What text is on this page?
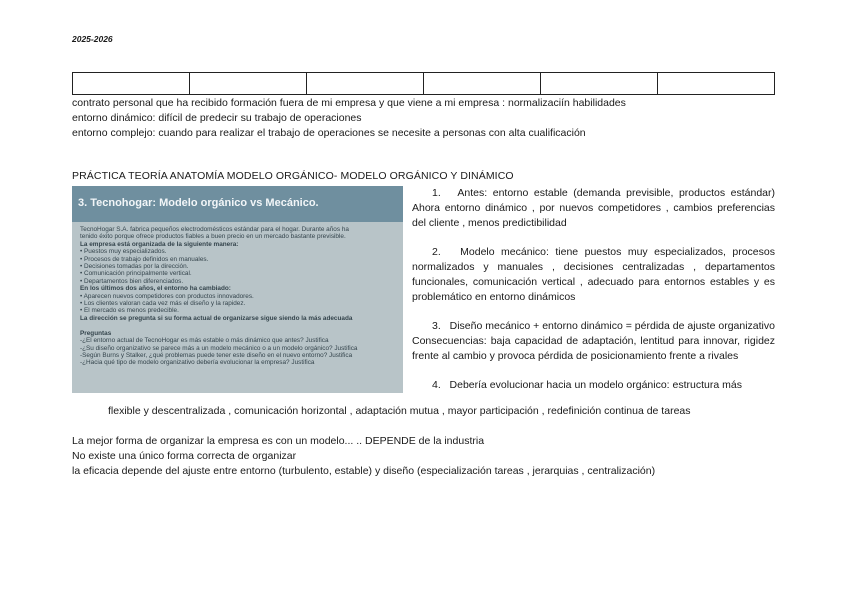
2025-2026
contrato personal que ha recibido formación fuera de mi empresa y que viene a mi empresa : normalizaciín habilidades
entorno dinámico: difícil de predecir su trabajo de operaciones
entorno complejo: cuando para realizar el trabajo de operaciones se necesite a personas con alta cualificación
PRÁCTICA TEORÍA ANATOMÍA MODELO ORGÁNICO- MODELO ORGÁNICO Y DINÁMICO
3. Tecnohogar: Modelo orgánico vs Mecánico.
TecnoHogar S.A. fabrica pequeños electrodomésticos estándar para el hogar. Durante años ha
tenido éxito porque ofrece productos fiables a buen precio en un mercado bastante previsible.
La empresa está organizada de la siguiente manera:
• Puestos muy especializados.
• Procesos de trabajo definidos en manuales.
• Decisiones tomadas por la dirección.
• Comunicación principalmente vertical.
• Departamentos bien diferenciados.
En los últimos dos años, el entorno ha cambiado:
• Aparecen nuevos competidores con productos innovadores.
• Los clientes valoran cada vez más el diseño y la rapidez.
• El mercado es menos predecible.
La dirección se pregunta si su forma actual de organizarse sigue siendo la más adecuada

Preguntas
-¿El entorno actual de TecnoHogar es más estable o más dinámico que antes? Justifica
-¿Su diseño organizativo se parece más a un modelo mecánico o a un modelo orgánico? Justifica
-Según Burns y Stalker, ¿qué problemas puede tener este diseño en el nuevo entorno? Justifica
-¿Hacia qué tipo de modelo organizativo debería evolucionar la empresa? Justifica

1. Antes: entorno estable (demanda previsible, productos estándar) Ahora entorno dinámico , por nuevos competidores , cambios preferencias del cliente , menos predictibilidad

2. Modelo mecánico: tiene puestos muy especializados, procesos normalizados y manuales , decisiones centralizadas , departamentos funcionales, comunicación vertical , adecuado para entornos estables y es problemático en entorno dinámicos

3. Diseño mecánico + entorno dinámico = pérdida de ajuste organizativo Consecuencias: baja capacidad de adaptación, lentitud para innovar, rigidez frente al cambio y provoca pérdida de posicionamiento frente a rivales

4. Debería evolucionar hacia un modelo orgánico: estructura más

flexible y descentralizada , comunicación horizontal , adaptación mutua , mayor participación , redefinición continua de tareas
La mejor forma de organizar la empresa es con un modelo... .. DEPENDE de la industria
No existe una único forma correcta de organizar
la eficacia depende del ajuste entre entorno (turbulento, estable) y diseño (especialización tareas , jerarquias , centralización)
